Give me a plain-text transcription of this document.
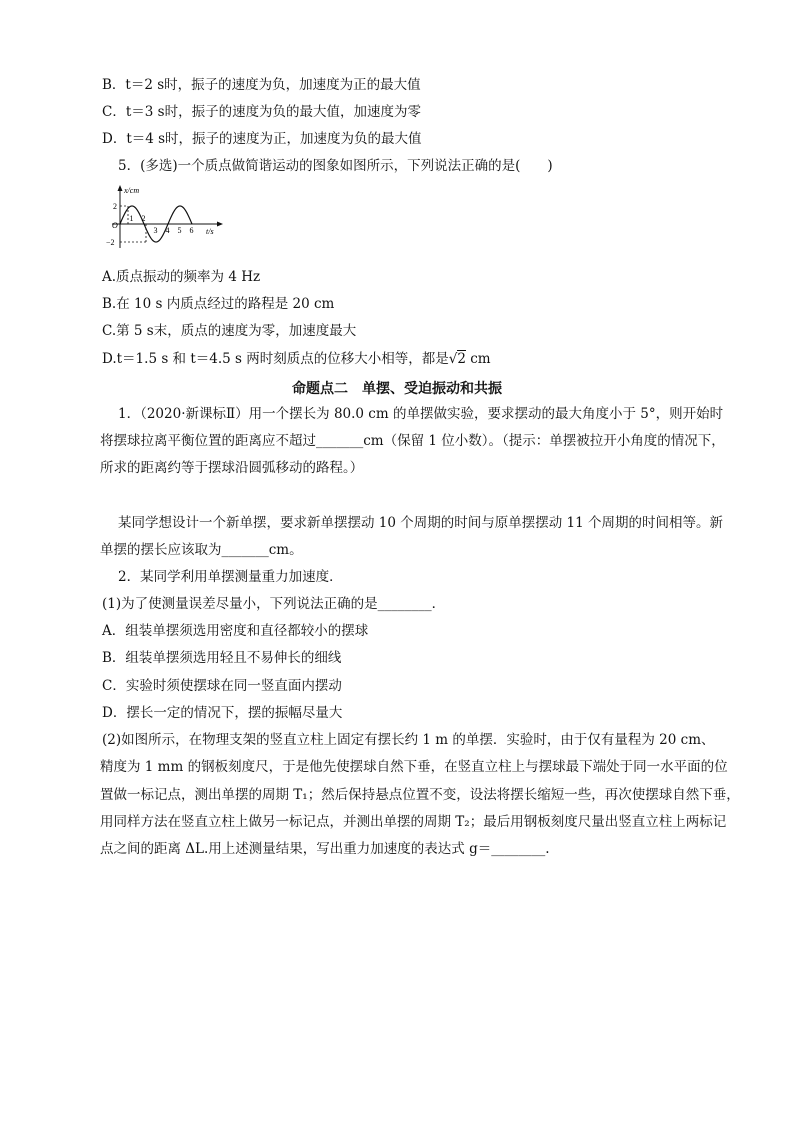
B．t＝2 s时，振子的速度为负，加速度为正的最大值
C．t＝3 s时，振子的速度为负的最大值，加速度为零
D．t＝4 s时，振子的速度为正，加速度为负的最大值
5．(多选)一个质点做简谐运动的图象如图所示，下列说法正确的是(　　)
x/cm
t/s
O
2
−2
1 2
3 4 5 6
A.质点振动的频率为 4 Hz
B.在 10 s 内质点经过的路程是 20 cm
C.第 5 s末，质点的速度为零，加速度最大
D.t＝1.5 s 和 t＝4.5 s 两时刻质点的位移大小相等，都是√2 cm
命题点二　单摆、受迫振动和共振
1．（2020·新课标Ⅱ）用一个摆长为 80.0 cm 的单摆做实验，要求摆动的最大角度小于 5°，则开始时
将摆球拉离平衡位置的距离应不超过_______cm（保留 1 位小数）。（提示：单摆被拉开小角度的情况下，
所求的距离约等于摆球沿圆弧移动的路程。）
某同学想设计一个新单摆，要求新单摆摆动 10 个周期的时间与原单摆摆动 11 个周期的时间相等。新
单摆的摆长应该取为_______cm。
2．某同学利用单摆测量重力加速度．
(1)为了使测量误差尽量小，下列说法正确的是________．
A．组装单摆须选用密度和直径都较小的摆球
B．组装单摆须选用轻且不易伸长的细线
C．实验时须使摆球在同一竖直面内摆动
D．摆长一定的情况下，摆的振幅尽量大
(2)如图所示，在物理支架的竖直立柱上固定有摆长约 1 m 的单摆．实验时，由于仅有量程为 20 cm、
精度为 1 mm 的钢板刻度尺，于是他先使摆球自然下垂，在竖直立柱上与摆球最下端处于同一水平面的位
置做一标记点，测出单摆的周期 T₁；然后保持悬点位置不变，设法将摆长缩短一些，再次使摆球自然下垂，
用同样方法在竖直立柱上做另一标记点，并测出单摆的周期 T₂；最后用钢板刻度尺量出竖直立柱上两标记
点之间的距离 ΔL.用上述测量结果，写出重力加速度的表达式 g＝________.
